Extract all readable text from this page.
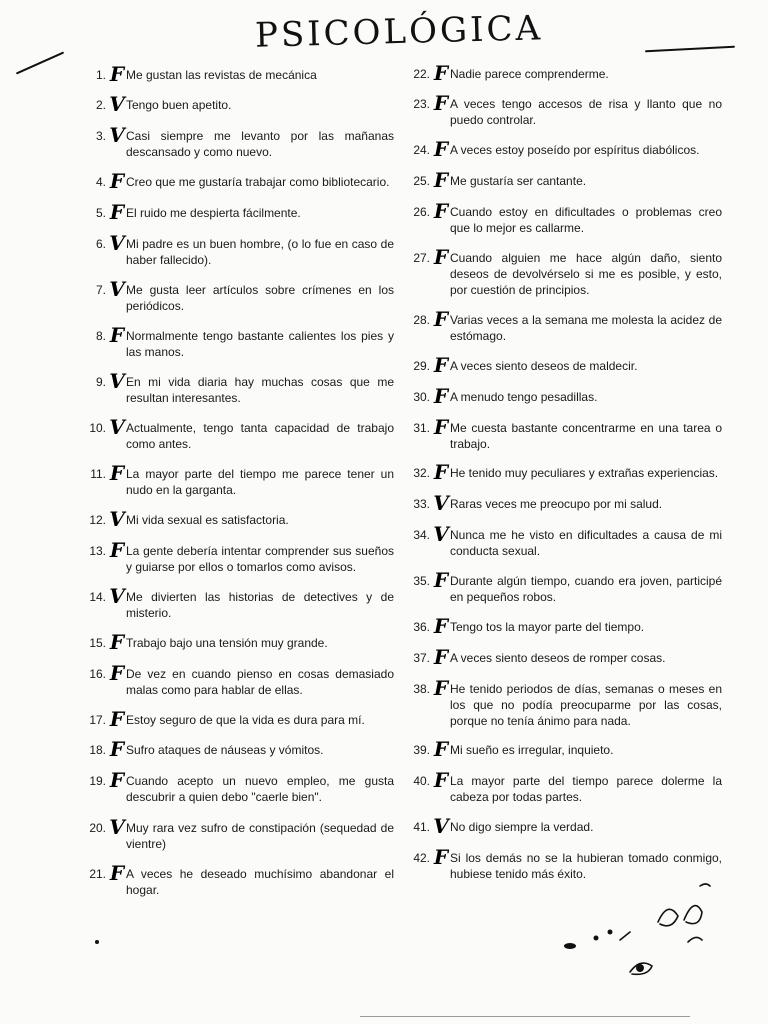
PSICOLÓGICA
1. F Me gustan las revistas de mecánica
2. V Tengo buen apetito.
3. V Casi siempre me levanto por las mañanas descansado y como nuevo.
4. F Creo que me gustaría trabajar como bibliotecario.
5. F El ruido me despierta fácilmente.
6. V Mi padre es un buen hombre, (o lo fue en caso de haber fallecido).
7. V Me gusta leer artículos sobre crímenes en los periódicos.
8. F Normalmente tengo bastante calientes los pies y las manos.
9. V En mi vida diaria hay muchas cosas que me resultan interesantes.
10. V Actualmente, tengo tanta capacidad de trabajo como antes.
11. F La mayor parte del tiempo me parece tener un nudo en la garganta.
12. V Mi vida sexual es satisfactoria.
13. F La gente debería intentar comprender sus sueños y guiarse por ellos o tomarlos como avisos.
14. V Me divierten las historias de detectives y de misterio.
15. F Trabajo bajo una tensión muy grande.
16. F De vez en cuando pienso en cosas demasiado malas como para hablar de ellas.
17. F Estoy seguro de que la vida es dura para mí.
18. F Sufro ataques de náuseas y vómitos.
19. F Cuando acepto un nuevo empleo, me gusta descubrir a quien debo "caerle bien".
20. V Muy rara vez sufro de constipación (sequedad de vientre)
21. F A veces he deseado muchísimo abandonar el hogar.
22. F Nadie parece comprenderme.
23. F A veces tengo accesos de risa y llanto que no puedo controlar.
24. F A veces estoy poseído por espíritus diabólicos.
25. F Me gustaría ser cantante.
26. F Cuando estoy en dificultades o problemas creo que lo mejor es callarme.
27. F Cuando alguien me hace algún daño, siento deseos de devolvérselo si me es posible, y esto, por cuestión de principios.
28. F Varias veces a la semana me molesta la acidez de estómago.
29. F A veces siento deseos de maldecir.
30. F A menudo tengo pesadillas.
31. F Me cuesta bastante concentrarme en una tarea o trabajo.
32. F He tenido muy peculiares y extrañas experiencias.
33. V Raras veces me preocupo por mi salud.
34. V Nunca me he visto en dificultades a causa de mi conducta sexual.
35. F Durante algún tiempo, cuando era joven, participé en pequeños robos.
36. F Tengo tos la mayor parte del tiempo.
37. F A veces siento deseos de romper cosas.
38. F He tenido periodos de días, semanas o meses en los que no podía preocuparme por las cosas, porque no tenía ánimo para nada.
39. F Mi sueño es irregular, inquieto.
40. F La mayor parte del tiempo parece dolerme la cabeza por todas partes.
41. V No digo siempre la verdad.
42. F Si los demás no se la hubieran tomado conmigo, hubiese tenido más éxito.
